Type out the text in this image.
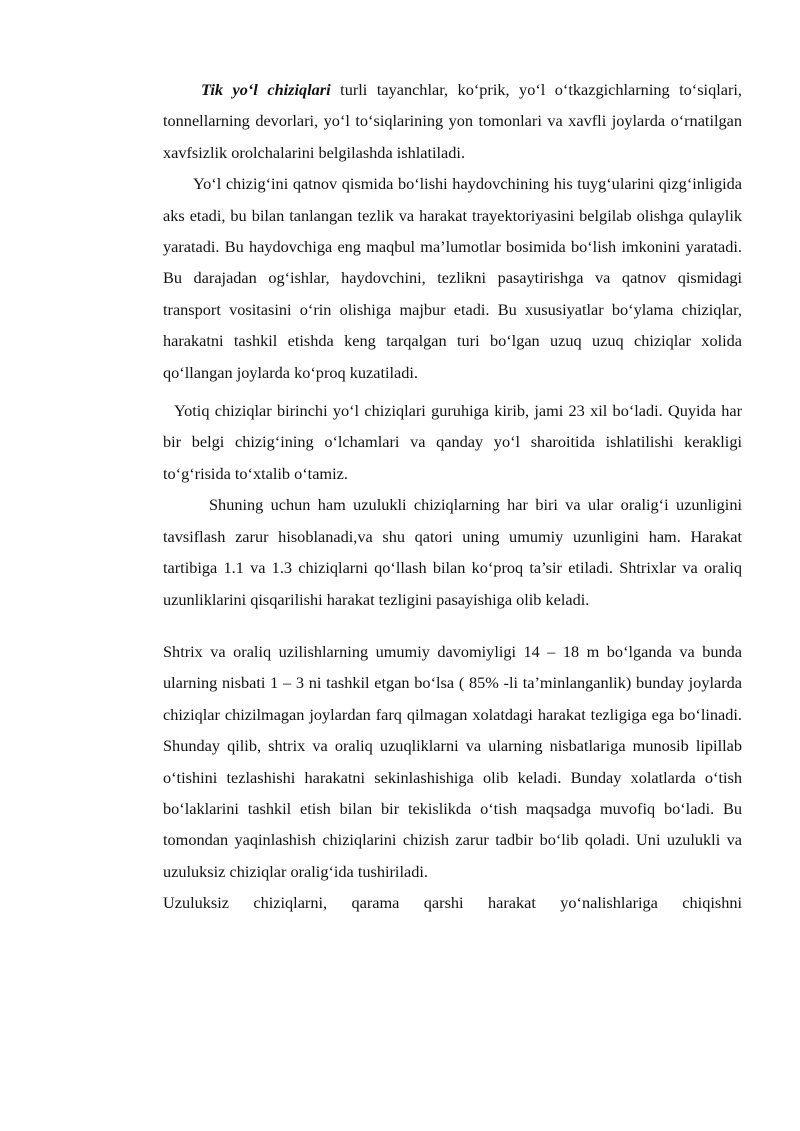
Tik yo‘l chiziqlari turli tayanchlar, ko‘prik, yo‘l o‘tkazgichlarning to‘siqlari, tonnellarning devorlari, yo‘l to‘siqlarining yon tomonlari va xavfli joylarda o‘rnatilgan xavfsizlik orolchalarini belgilashda ishlatiladi.

Yo‘l chizig‘ini qatnov qismida bo‘lishi haydovchining his tuyg‘ularini qizg‘inligida aks etadi, bu bilan tanlangan tezlik va harakat trayektoriyasini belgilab olishga qulaylik yaratadi. Bu haydovchiga eng maqbul ma’lumotlar bosimida bo‘lish imkonini yaratadi. Bu darajadan og‘ishlar, haydovchini, tezlikni pasaytirishga va qatnov qismidagi transport vositasini o‘rin olishiga majbur etadi. Bu xususiyatlar bo‘ylama chiziqlar, harakatni tashkil etishda keng tarqalgan turi bo‘lgan uzuq uzuq chiziqlar xolida qo‘llangan joylarda ko‘proq kuzatiladi.

Yotiq chiziqlar birinchi yo‘l chiziqlari guruhiga kirib, jami 23 xil bo‘ladi. Quyida har bir belgi chizig‘ining o‘lchamlari va qanday yo‘l sharoitida ishlatilishi kerakligi to‘g‘risida to‘xtalib o‘tamiz.

Shuning uchun ham uzulukli chiziqlarning har biri va ular oralig‘i uzunligini tavsiflash zarur hisoblanadi,va shu qatori uning umumiy uzunligini ham. Harakat tartibiga 1.1 va 1.3 chiziqlarni qo‘llash bilan ko‘proq ta’sir etiladi. Shtrixlar va oraliq uzunliklarini qisqarilishi harakat tezligini pasayishiga olib keladi.

Shtrix va oraliq uzilishlarning umumiy davomiyligi 14 – 18 m bo‘lganda va bunda ularning nisbati 1 – 3 ni tashkil etgan bo‘lsa ( 85% -li ta’minlanganlik) bunday joylarda chiziqlar chizilmagan joylardan farq qilmagan xolatdagi harakat tezligiga ega bo‘linadi. Shunday qilib, shtrix va oraliq uzuqliklarni va ularning nisbatlariga munosib lipillab o‘tishini tezlashishi harakatni sekinlashishiga olib keladi. Bunday xolatlarda o‘tish bo‘laklarini tashkil etish bilan bir tekislikda o‘tish maqsadga muvofiq bo‘ladi. Bu tomondan yaqinlashish chiziqlarini chizish zarur tadbir bo‘lib qoladi. Uni uzulukli va uzuluksiz chiziqlar oralig‘ida tushiriladi.

Uzuluksiz chiziqlarni, qarama qarshi harakat yo‘nalishlariga chiqishni
